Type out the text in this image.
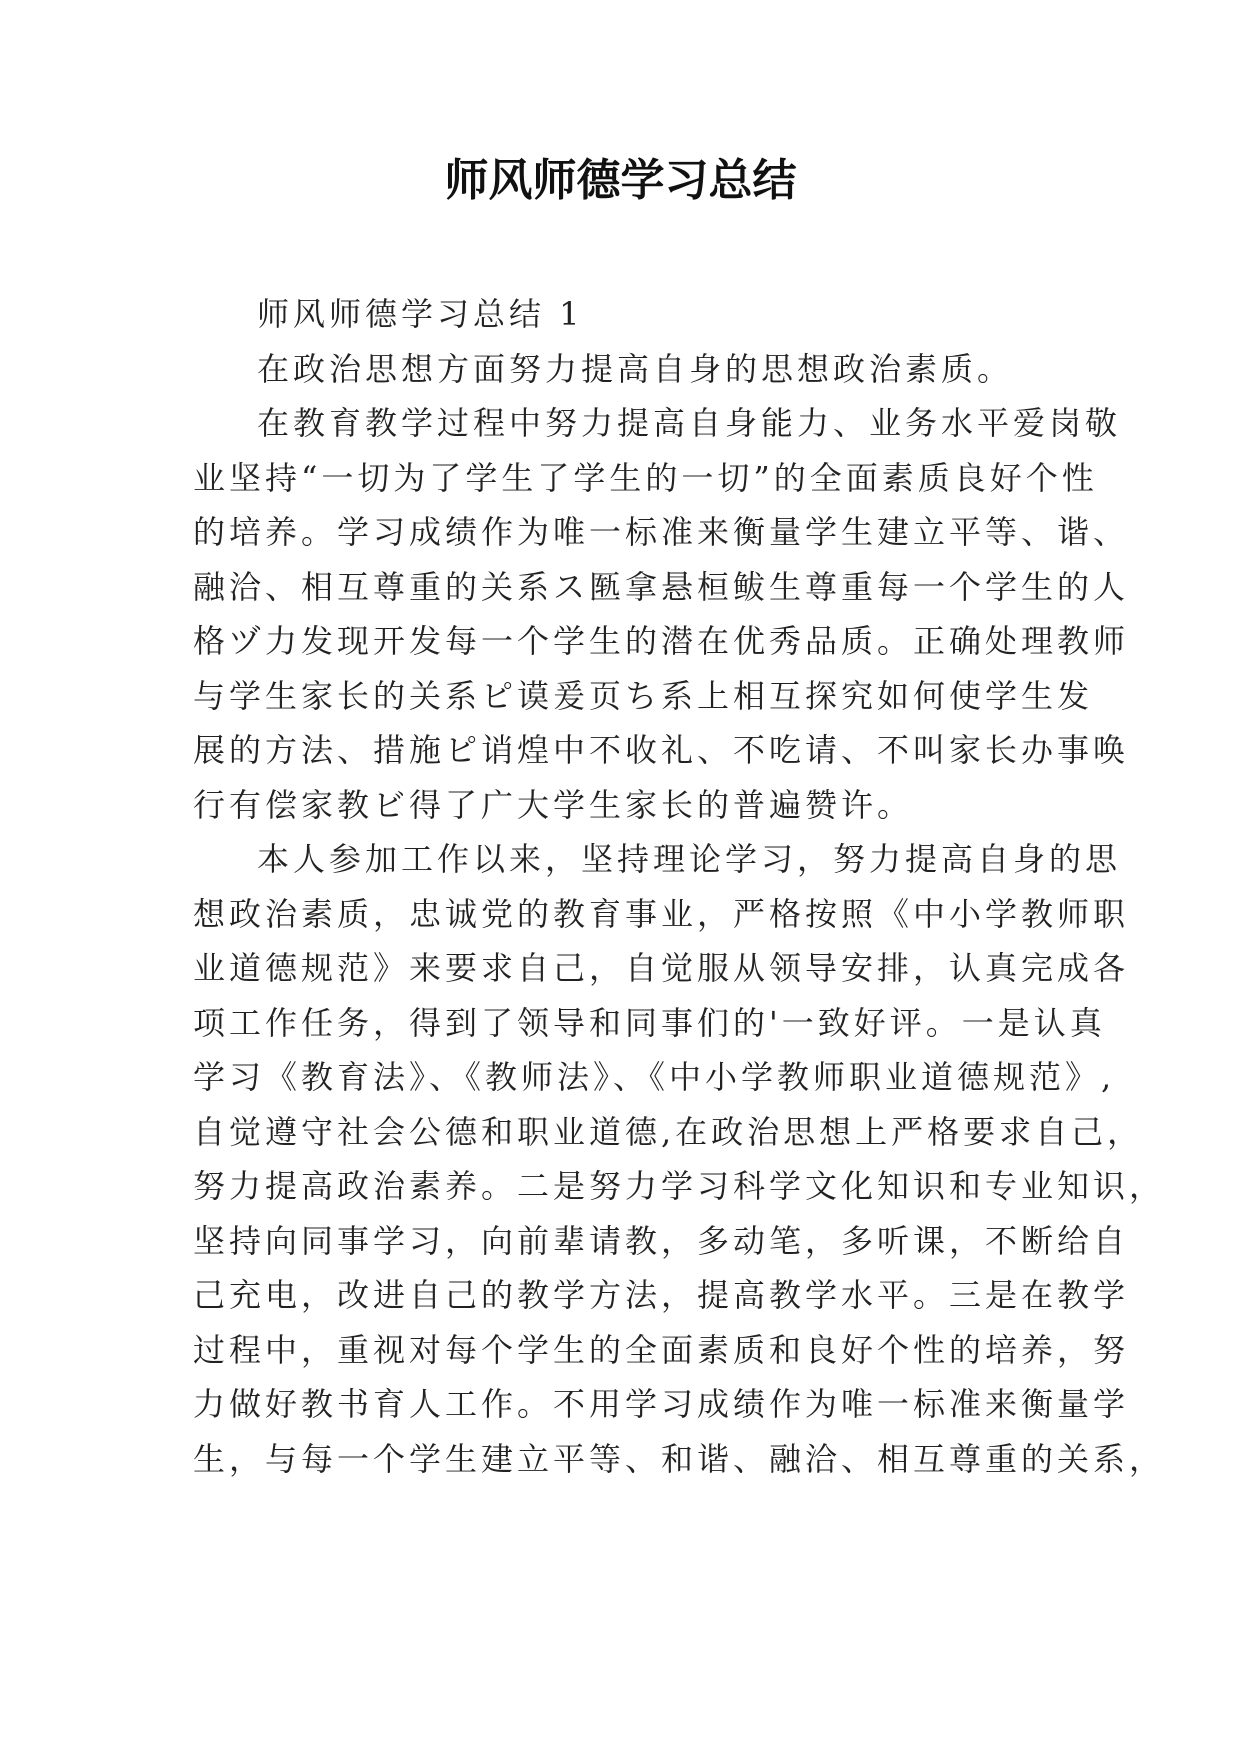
师风师德学习总结
师风师德学习总结 1
在政治思想方面努力提高自身的思想政治素质。
在教育教学过程中努力提高自身能力、业务水平爱岗敬
业坚持“一切为了学生了学生的一切”的全面素质良好个性
的培养。学习成绩作为唯一标准来衡量学生建立平等、谐、
融洽、相互尊重的关系ス匦拿悬桓鲅生尊重每一个学生的人
格ヅ力发现开发每一个学生的潜在优秀品质。正确处理教师
与学生家长的关系ピ谟爰页ち系上相互探究如何使学生发
展的方法、措施ピ诮煌中不收礼、不吃请、不叫家长办事唤
行有偿家教ビ得了广大学生家长的普遍赞许。
本人参加工作以来，坚持理论学习，努力提高自身的思
想政治素质，忠诚党的教育事业，严格按照《中小学教师职
业道德规范》来要求自己，自觉服从领导安排，认真完成各
项工作任务，得到了领导和同事们的'一致好评。一是认真
学习《教育法》、《教师法》、《中小学教师职业道德规范》,
自觉遵守社会公德和职业道德,在政治思想上严格要求自己，
努力提高政治素养。二是努力学习科学文化知识和专业知识，
坚持向同事学习，向前辈请教，多动笔，多听课，不断给自
己充电，改进自己的教学方法，提高教学水平。三是在教学
过程中，重视对每个学生的全面素质和良好个性的培养，努
力做好教书育人工作。不用学习成绩作为唯一标准来衡量学
生，与每一个学生建立平等、和谐、融洽、相互尊重的关系，
